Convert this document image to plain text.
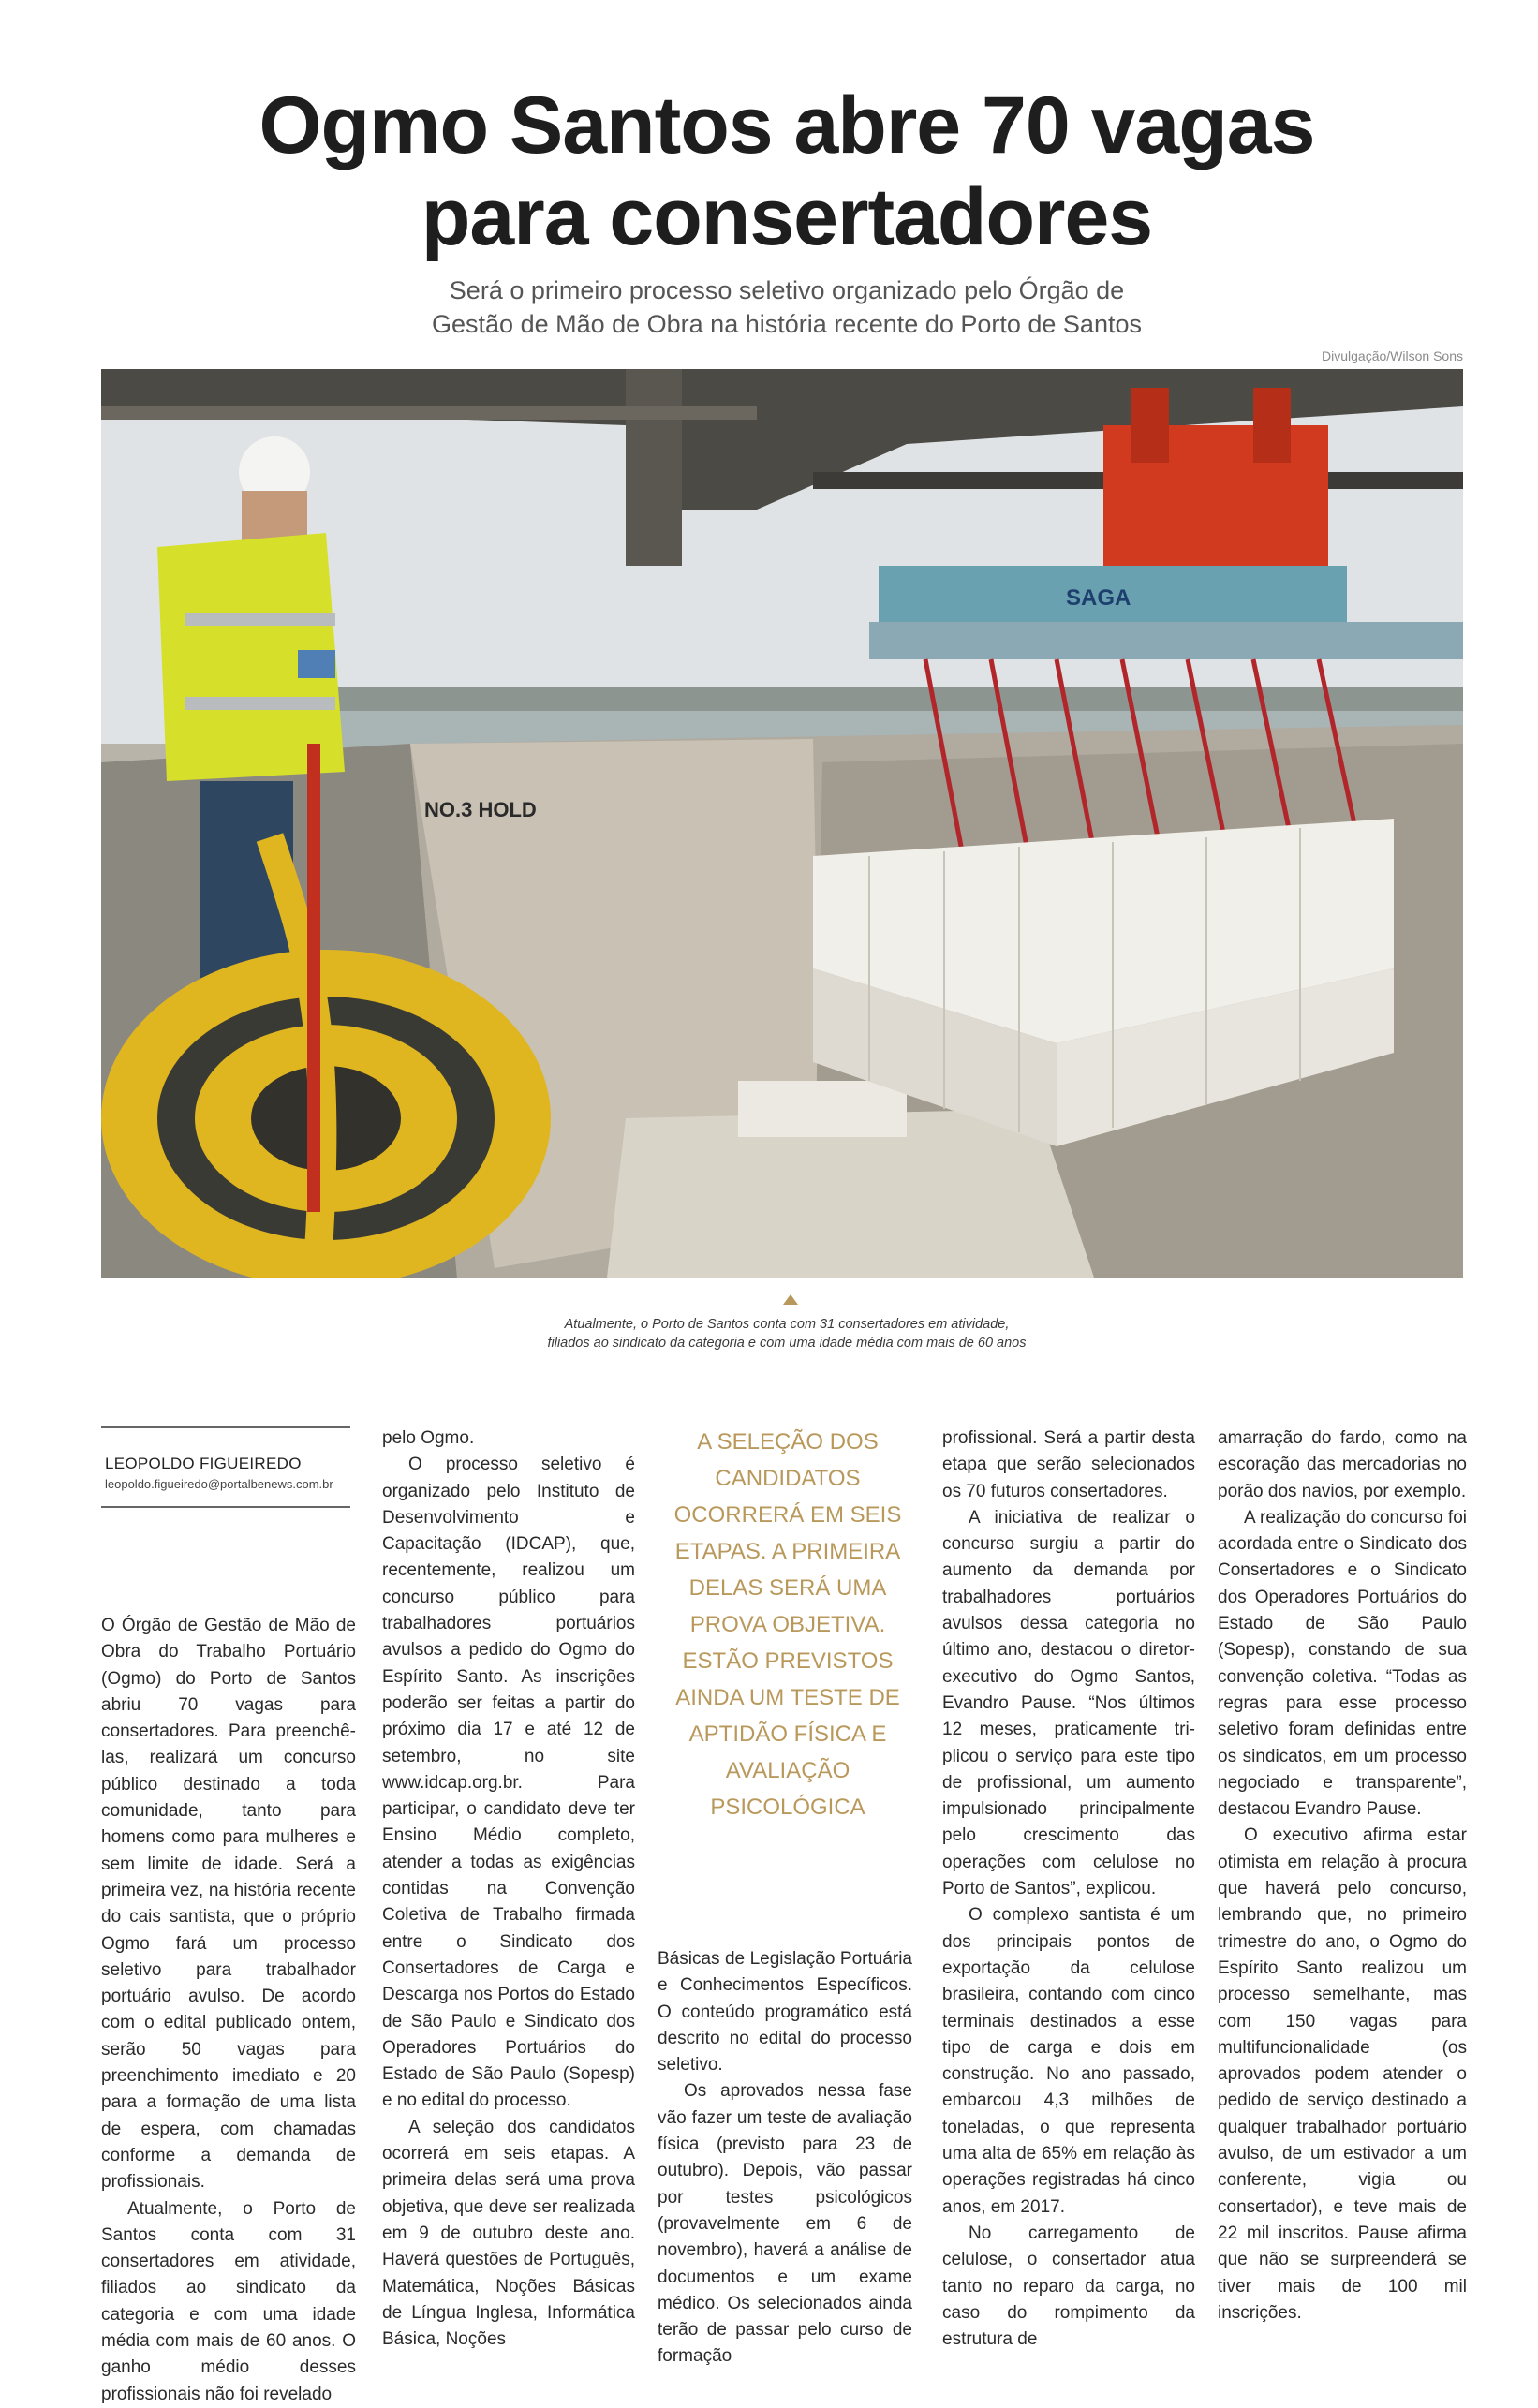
Ogmo Santos abre 70 vagas
para consertadores
Será o primeiro processo seletivo organizado pelo Órgão de
Gestão de Mão de Obra na história recente do Porto de Santos
Divulgação/Wilson Sons
NO.3 HOLD
SAGA
Atualmente, o Porto de Santos conta com 31 consertadores em atividade,
filiados ao sindicato da categoria e com uma idade média com mais de 60 anos
LEOPOLDO FIGUEIREDO
leopoldo.figueiredo@portalbenews.com.br

O Órgão de Gestão de Mão de Obra do Trabalho Portuário (Ogmo) do Porto de Santos abriu 70 vagas para consertadores. Para preenchê-las, realizará um concurso público destinado a toda comunidade, tanto para homens como para mulheres e sem limite de idade. Será a primeira vez, na história recente do cais santista, que o próprio Ogmo fará um processo seletivo para trabalhador portuário avulso. De acordo com o edital publicado ontem, serão 50 vagas para preenchimento imediato e 20 para a formação de uma lista de espera, com chamadas conforme a demanda de profissionais.

Atualmente, o Porto de Santos conta com 31 consertadores em atividade, filiados ao sindicato da categoria e com uma idade média com mais de 60 anos. O ganho médio desses profissionais não foi revelado

pelo Ogmo.

O processo seletivo é organizado pelo Instituto de Desenvolvimento e Capacitação (IDCAP), que, recentemente, realizou um concurso público para trabalhadores portuários avulsos a pedido do Ogmo do Espírito Santo. As inscrições poderão ser feitas a partir do próximo dia 17 e até 12 de setembro, no site www.idcap.org.br. Para participar, o candidato deve ter Ensino Médio completo, atender a todas as exigências contidas na Convenção Coletiva de Trabalho firmada entre o Sindicato dos Consertadores de Carga e Descarga nos Portos do Estado de São Paulo e Sindicato dos Operadores Portuários do Estado de São Paulo (Sopesp) e no edital do processo.

A seleção dos candidatos ocorrerá em seis etapas. A primeira delas será uma prova objetiva, que deve ser realizada em 9 de outubro deste ano. Haverá questões de Português, Matemática, Noções Básicas de Língua Inglesa, Informática Básica, Noções

A SELEÇÃO DOS CANDIDATOS OCORRERÁ EM SEIS ETAPAS. A PRIMEIRA DELAS SERÁ UMA PROVA OBJETIVA. ESTÃO PREVISTOS AINDA UM TESTE DE APTIDÃO FÍSICA E AVALIAÇÃO PSICOLÓGICA

Básicas de Legislação Portuária e Conhecimentos Específicos. O conteúdo programático está descrito no edital do processo seletivo.

Os aprovados nessa fase vão fazer um teste de avaliação física (previsto para 23 de outubro). Depois, vão passar por testes psicológicos (provavelmente em 6 de novembro), haverá a análise de documentos e um exame médico. Os selecionados ainda terão de passar pelo curso de formação

profissional. Será a partir desta etapa que serão selecionados os 70 futuros consertadores.

A iniciativa de realizar o concurso surgiu a partir do aumento da demanda por trabalhadores portuários avulsos dessa categoria no último ano, destacou o diretor-executivo do Ogmo Santos, Evandro Pause. “Nos últimos 12 meses, praticamente tri-plicou o serviço para este tipo de profissional, um aumento impulsionado principalmente pelo crescimento das operações com celulose no Porto de Santos”, explicou.

O complexo santista é um dos principais pontos de exportação da celulose brasileira, contando com cinco terminais destinados a esse tipo de carga e dois em construção. No ano passado, embarcou 4,3 milhões de toneladas, o que representa uma alta de 65% em relação às operações registradas há cinco anos, em 2017.

No carregamento de celulose, o consertador atua tanto no reparo da carga, no caso do rompimento da estrutura de

amarração do fardo, como na escoração das mercadorias no porão dos navios, por exemplo.

A realização do concurso foi acordada entre o Sindicato dos Consertadores e o Sindicato dos Operadores Portuários do Estado de São Paulo (Sopesp), constando de sua convenção coletiva. “Todas as regras para esse processo seletivo foram definidas entre os sindicatos, em um processo negociado e transparente”, destacou Evandro Pause.

O executivo afirma estar otimista em relação à procura que haverá pelo concurso, lembrando que, no primeiro trimestre do ano, o Ogmo do Espírito Santo realizou um processo semelhante, mas com 150 vagas para multifuncionalidade (os aprovados podem atender o pedido de serviço destinado a qualquer trabalhador portuário avulso, de um estivador a um conferente, vigia ou consertador), e teve mais de 22 mil inscritos. Pause afirma que não se surpreenderá se tiver mais de 100 mil inscrições.
